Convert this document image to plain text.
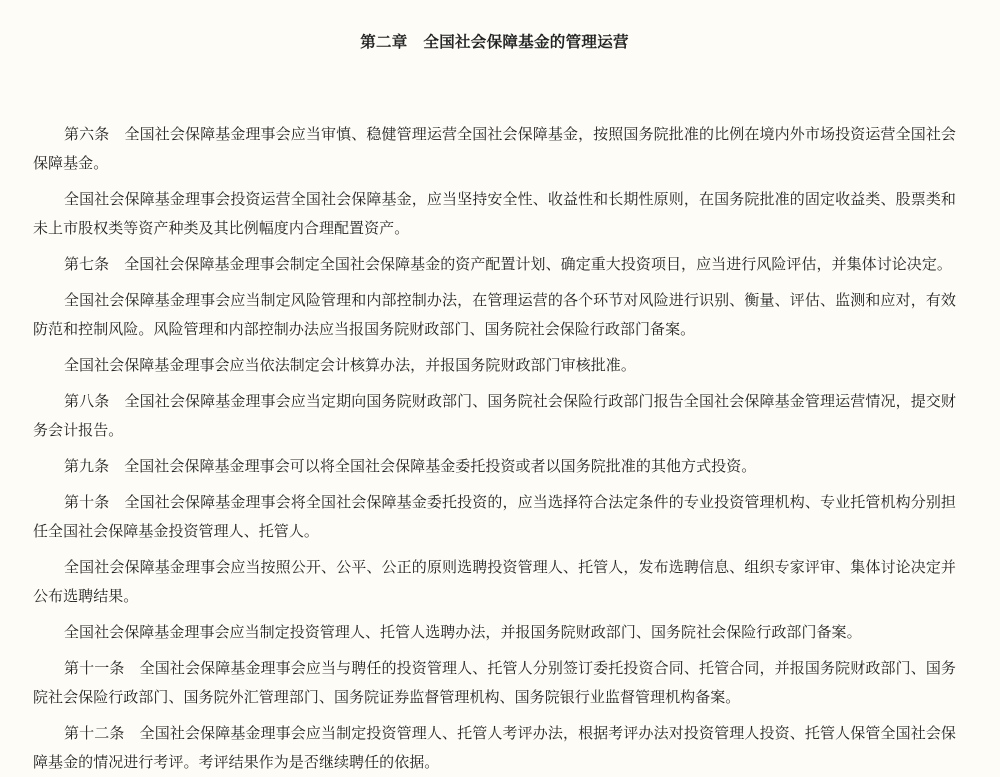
第二章　全国社会保障基金的管理运营

第六条　全国社会保障基金理事会应当审慎、稳健管理运营全国社会保障基金，按照国务院批准的比例在境内外市场投资运营全国社会保障基金。

全国社会保障基金理事会投资运营全国社会保障基金，应当坚持安全性、收益性和长期性原则，在国务院批准的固定收益类、股票类和未上市股权类等资产种类及其比例幅度内合理配置资产。

第七条　全国社会保障基金理事会制定全国社会保障基金的资产配置计划、确定重大投资项目，应当进行风险评估，并集体讨论决定。

全国社会保障基金理事会应当制定风险管理和内部控制办法，在管理运营的各个环节对风险进行识别、衡量、评估、监测和应对，有效防范和控制风险。风险管理和内部控制办法应当报国务院财政部门、国务院社会保险行政部门备案。

全国社会保障基金理事会应当依法制定会计核算办法，并报国务院财政部门审核批准。

第八条　全国社会保障基金理事会应当定期向国务院财政部门、国务院社会保险行政部门报告全国社会保障基金管理运营情况，提交财务会计报告。

第九条　全国社会保障基金理事会可以将全国社会保障基金委托投资或者以国务院批准的其他方式投资。

第十条　全国社会保障基金理事会将全国社会保障基金委托投资的，应当选择符合法定条件的专业投资管理机构、专业托管机构分别担任全国社会保障基金投资管理人、托管人。

全国社会保障基金理事会应当按照公开、公平、公正的原则选聘投资管理人、托管人，发布选聘信息、组织专家评审、集体讨论决定并公布选聘结果。

全国社会保障基金理事会应当制定投资管理人、托管人选聘办法，并报国务院财政部门、国务院社会保险行政部门备案。

第十一条　全国社会保障基金理事会应当与聘任的投资管理人、托管人分别签订委托投资合同、托管合同，并报国务院财政部门、国务院社会保险行政部门、国务院外汇管理部门、国务院证券监督管理机构、国务院银行业监督管理机构备案。

第十二条　全国社会保障基金理事会应当制定投资管理人、托管人考评办法，根据考评办法对投资管理人投资、托管人保管全国社会保障基金的情况进行考评。考评结果作为是否继续聘任的依据。
